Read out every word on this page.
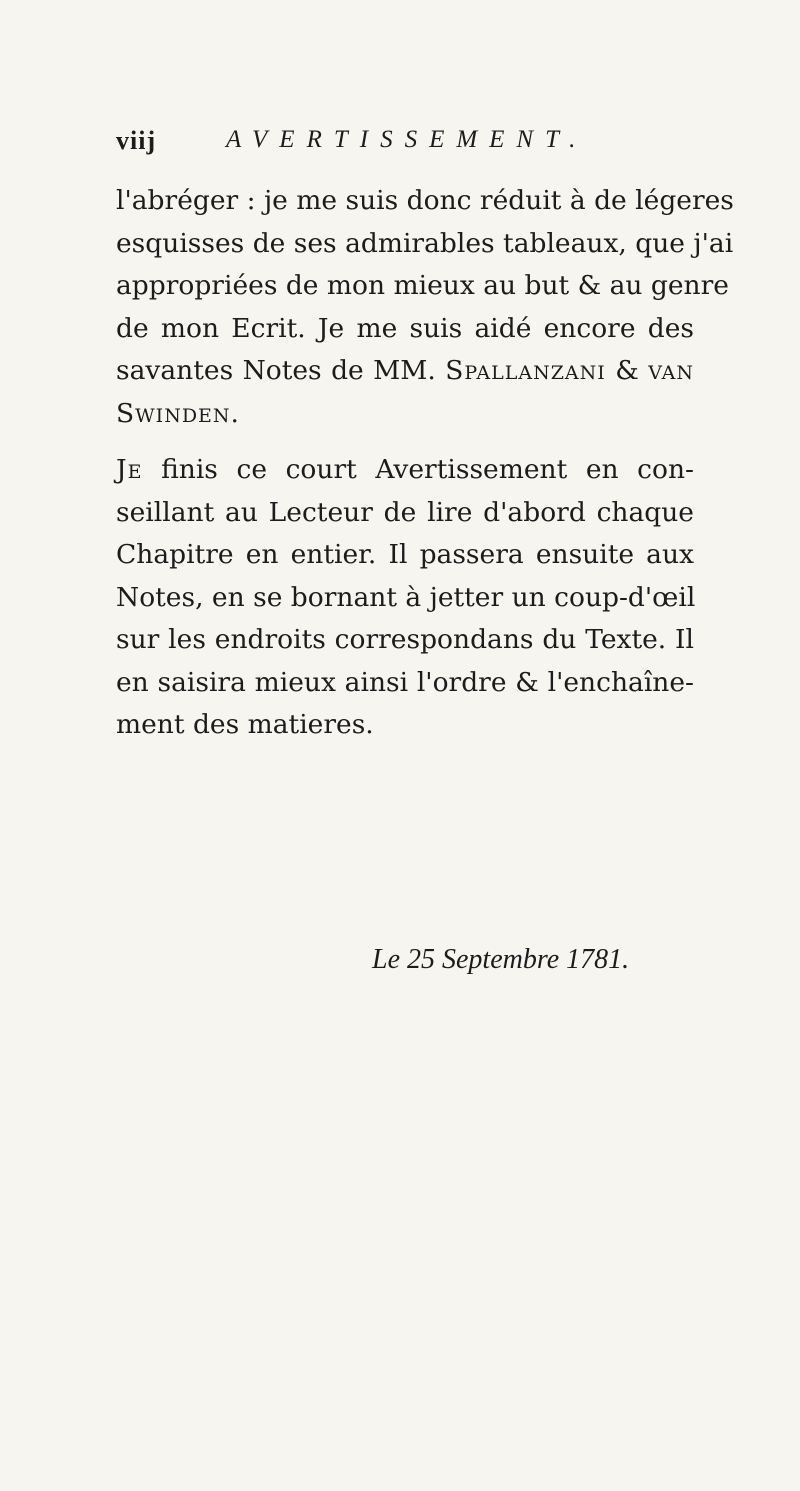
viij	AVERTISSEMENT.

l'abréger : je me suis donc réduit à de légeres
esquisses de ses admirables tableaux, que j'ai
appropriées de mon mieux au but & au genre
de mon Ecrit. Je me suis aidé encore des
savantes Notes de MM. Spallanzani & van
Swinden.

Je finis ce court Avertissement en con-
seillant au Lecteur de lire d'abord chaque
Chapitre en entier. Il passera ensuite aux
Notes, en se bornant à jetter un coup-d'œil
sur les endroits correspondans du Texte. Il
en saisira mieux ainsi l'ordre & l'enchaîne-
ment des matieres.

Le 25 Septembre 1781.
